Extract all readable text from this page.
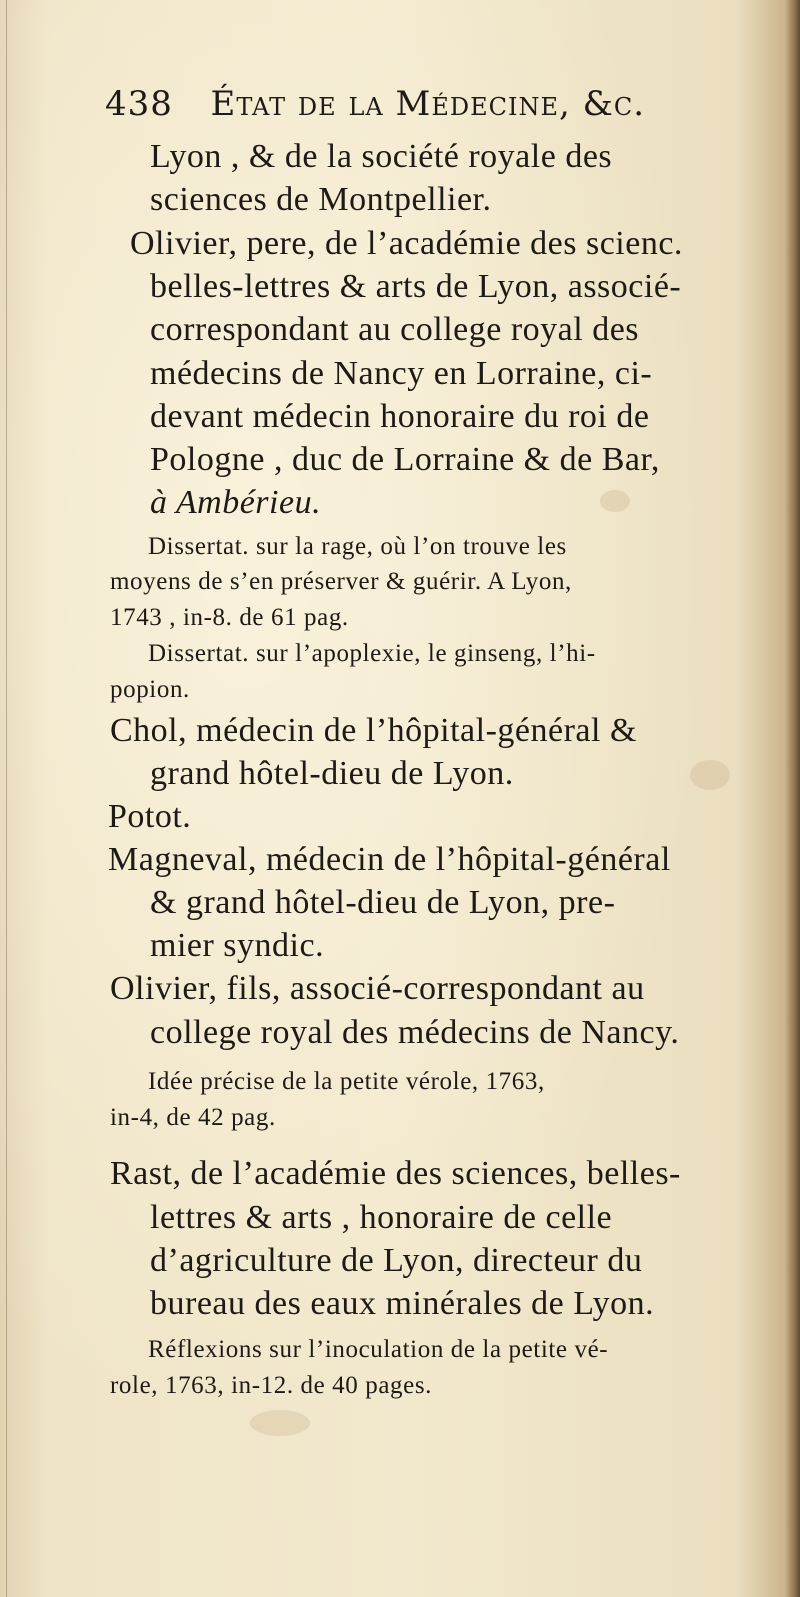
438 État de la Médecine, &c.
Lyon , & de la société royale des
sciences de Montpellier.
Olivier, pere, de l’académie des scienc.
belles-lettres & arts de Lyon, associé-
correspondant au college royal des
médecins de Nancy en Lorraine, ci-
devant médecin honoraire du roi de
Pologne , duc de Lorraine & de Bar,
à Ambérieu.
Dissertat. sur la rage, où l’on trouve les
moyens de s’en préserver & guérir. A Lyon,
1743 , in-8. de 61 pag.
Dissertat. sur l’apoplexie, le ginseng, l’hi-
popion.
Chol, médecin de l’hôpital-général &
grand hôtel-dieu de Lyon.
Potot.
Magneval, médecin de l’hôpital-général
& grand hôtel-dieu de Lyon, pre-
mier syndic.
Olivier, fils, associé-correspondant au
college royal des médecins de Nancy.
Idée précise de la petite vérole, 1763,
in-4, de 42 pag.
Rast, de l’académie des sciences, belles-
lettres & arts , honoraire de celle
d’agriculture de Lyon, directeur du
bureau des eaux minérales de Lyon.
Réflexions sur l’inoculation de la petite vé-
role, 1763, in-12. de 40 pages.
